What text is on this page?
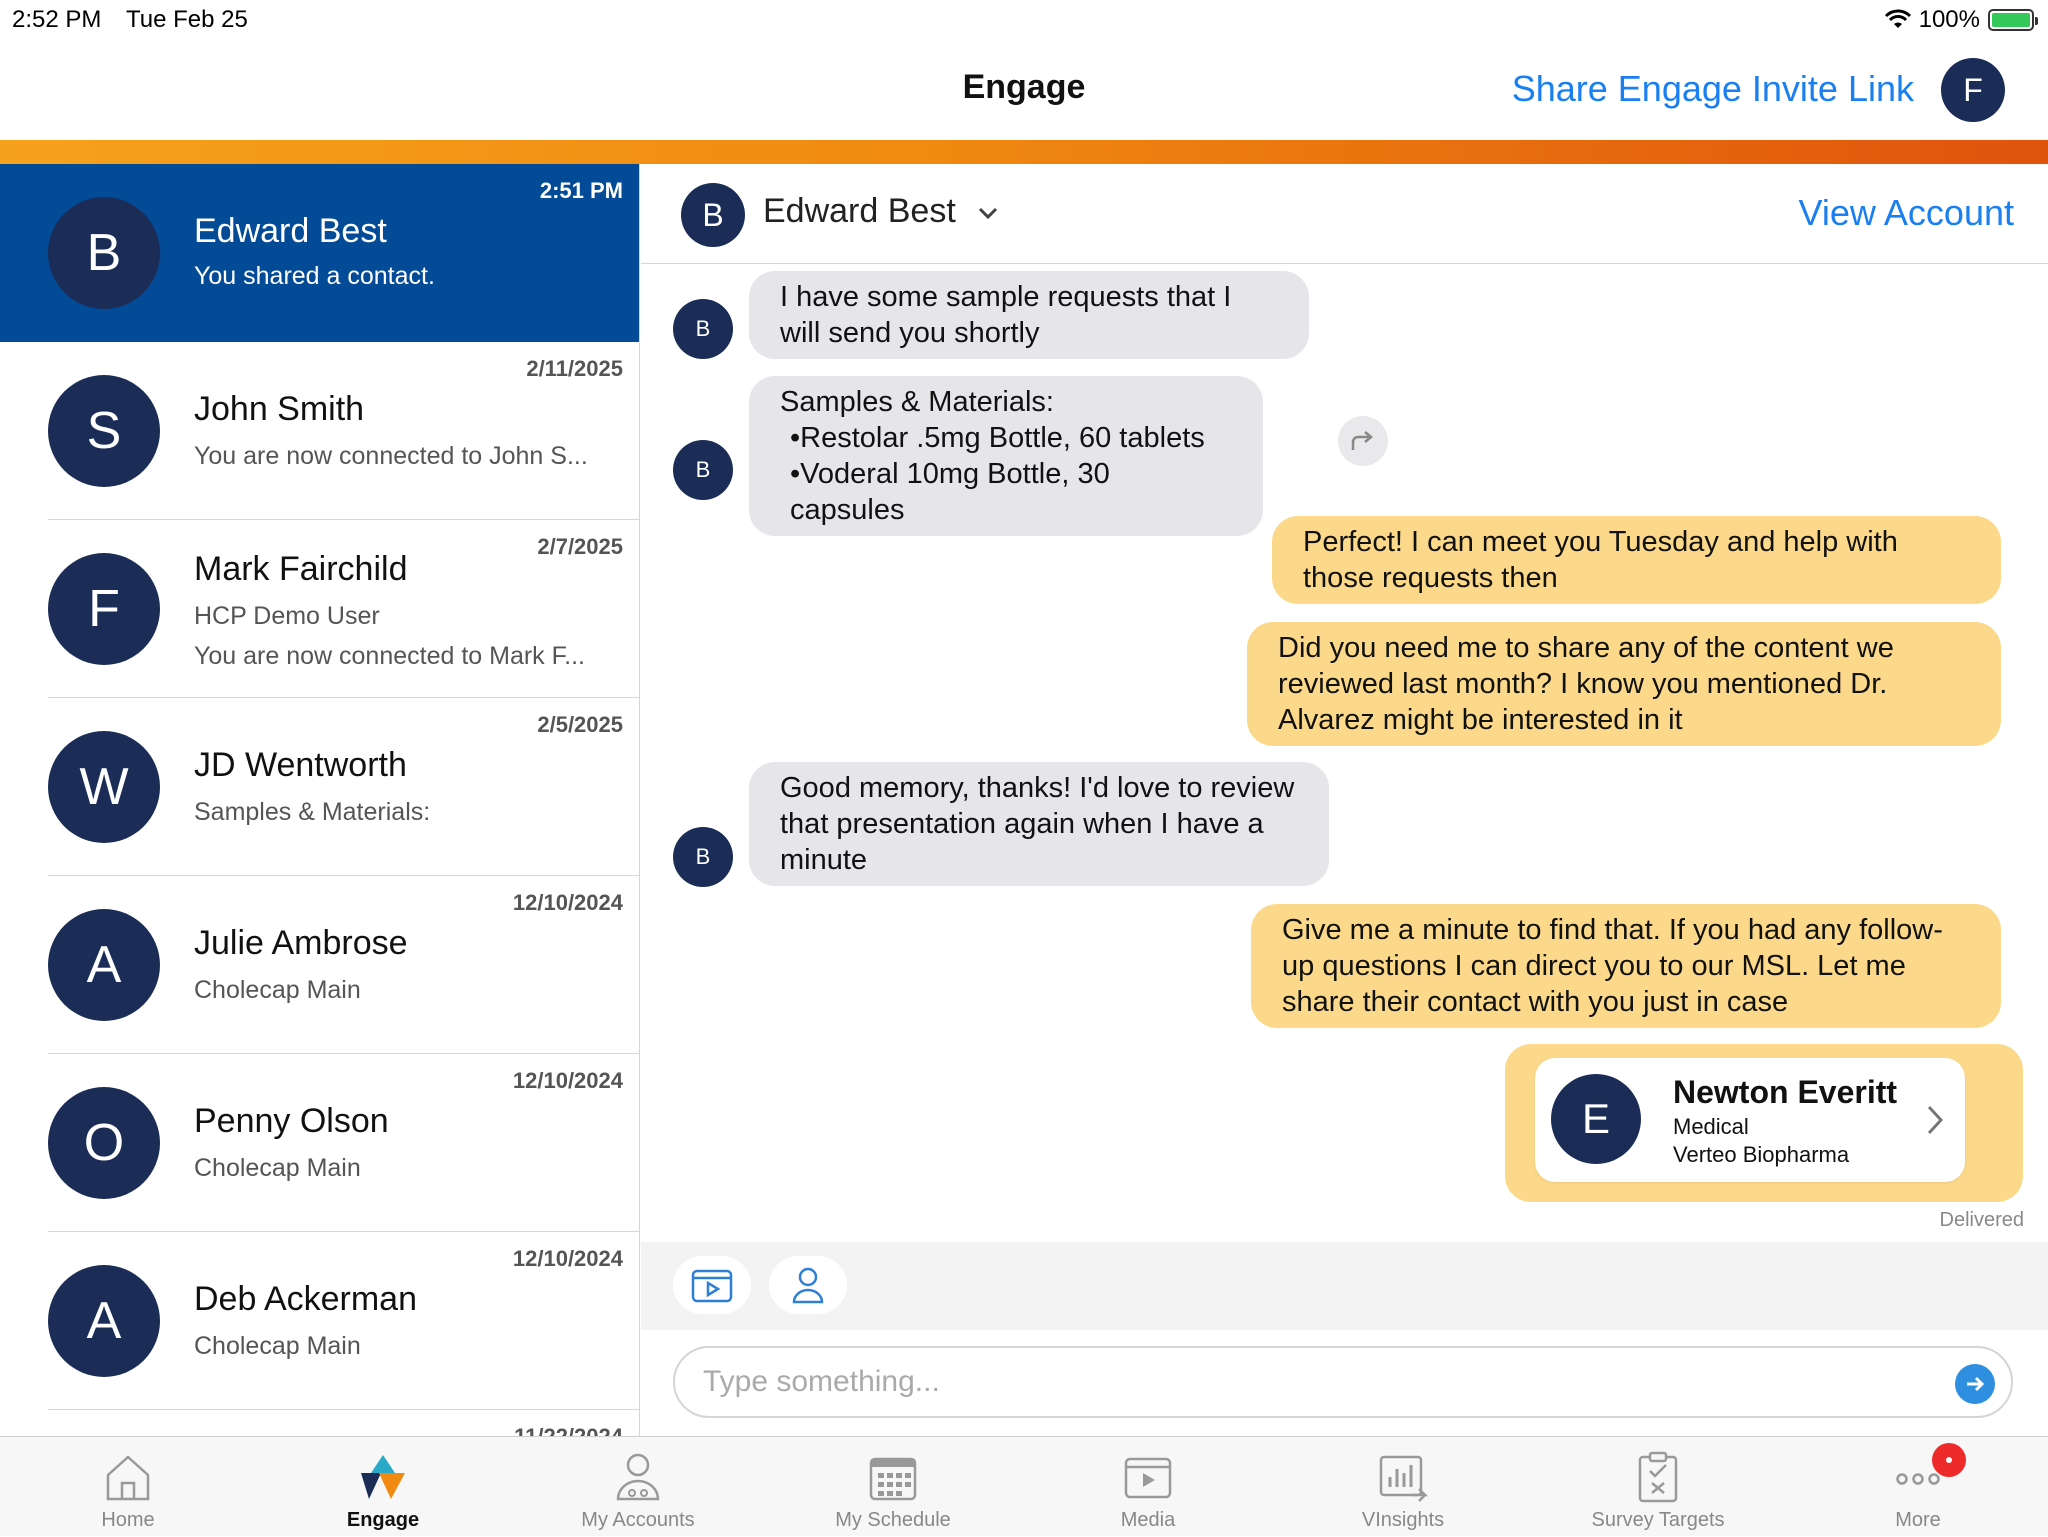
2:52 PM Tue Feb 25	100%
Engage	Share Engage Invite Link	F
B
2:51 PM
Edward Best
You shared a contact.
S
2/11/2025
John Smith
You are now connected to John S...
F
2/7/2025
Mark Fairchild
HCP Demo User
You are now connected to Mark F...
W
2/5/2025
JD Wentworth
Samples & Materials:
A
12/10/2024
Julie Ambrose
Cholecap Main
O
12/10/2024
Penny Olson
Cholecap Main
A
12/10/2024
Deb Ackerman
Cholecap Main
B	Edward Best	View Account
B
I have some sample requests that I will send you shortly
B
Samples & Materials:
• Restolar .5mg Bottle, 60 tablets
• Voderal 10mg Bottle, 30 capsules
Perfect! I can meet you Tuesday and help with those requests then
Did you need me to share any of the content we reviewed last month? I know you mentioned Dr. Alvarez might be interested in it
B
Good memory, thanks! I'd love to review that presentation again when I have a minute
Give me a minute to find that. If you had any follow-up questions I can direct you to our MSL. Let me share their contact with you just in case
E
Newton Everitt
Medical
Verteo Biopharma
Delivered
Type something...
Home	Engage	My Accounts	My Schedule	Media	VInsights	Survey Targets	More
